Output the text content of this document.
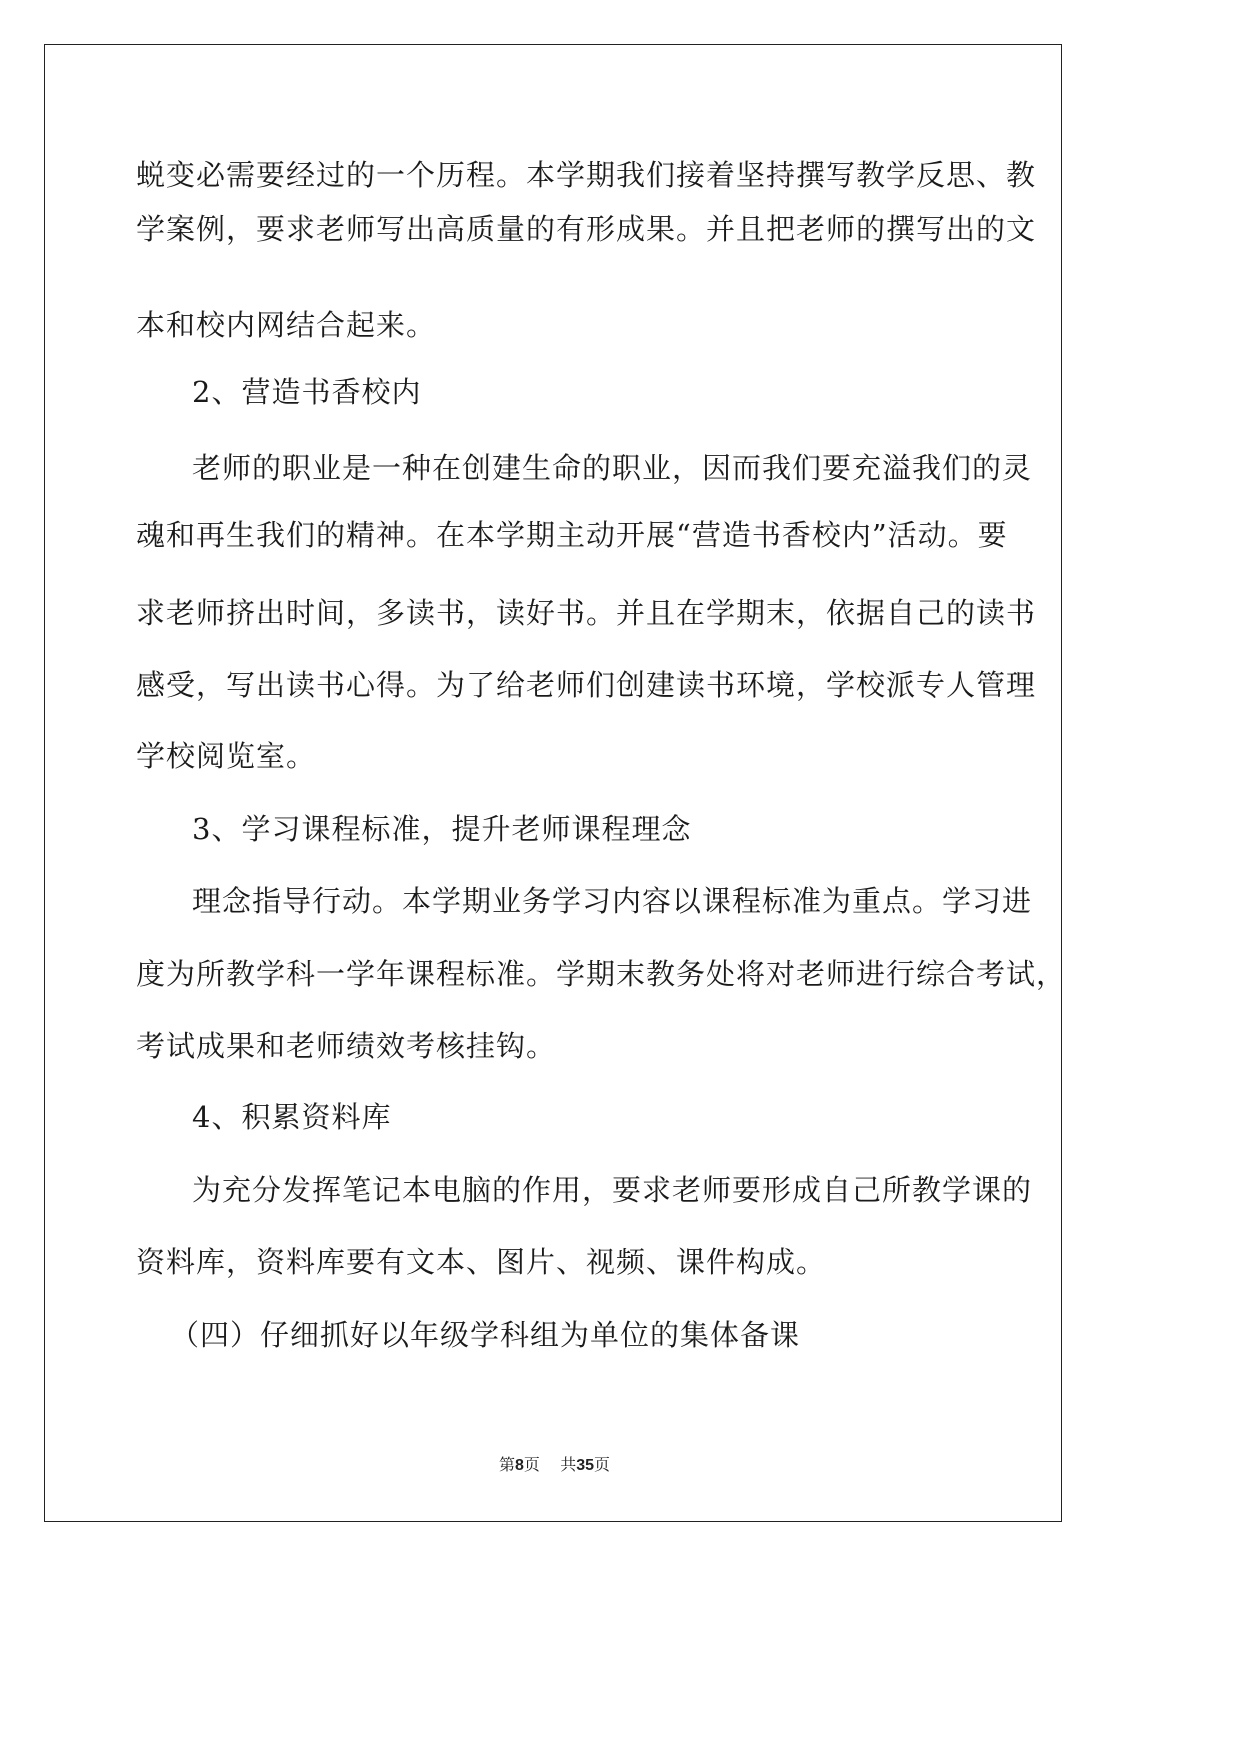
蜕变必需要经过的一个历程。本学期我们接着坚持撰写教学反思、教
学案例，要求老师写出高质量的有形成果。并且把老师的撰写出的文
本和校内网结合起来。
　2、营造书香校内
　老师的职业是一种在创建生命的职业，因而我们要充溢我们的灵
魂和再生我们的精神。在本学期主动开展“营造书香校内”活动。要
求老师挤出时间，多读书，读好书。并且在学期末，依据自己的读书
感受，写出读书心得。为了给老师们创建读书环境，学校派专人管理
学校阅览室。
　3、学习课程标准，提升老师课程理念
　理念指导行动。本学期业务学习内容以课程标准为重点。学习进
度为所教学科一学年课程标准。学期末教务处将对老师进行综合考试，
考试成果和老师绩效考核挂钩。
　4、积累资料库
　为充分发挥笔记本电脑的作用，要求老师要形成自己所教学课的
资料库，资料库要有文本、图片、视频、课件构成。
（四）仔细抓好以年级学科组为单位的集体备课
第8页 共35页
